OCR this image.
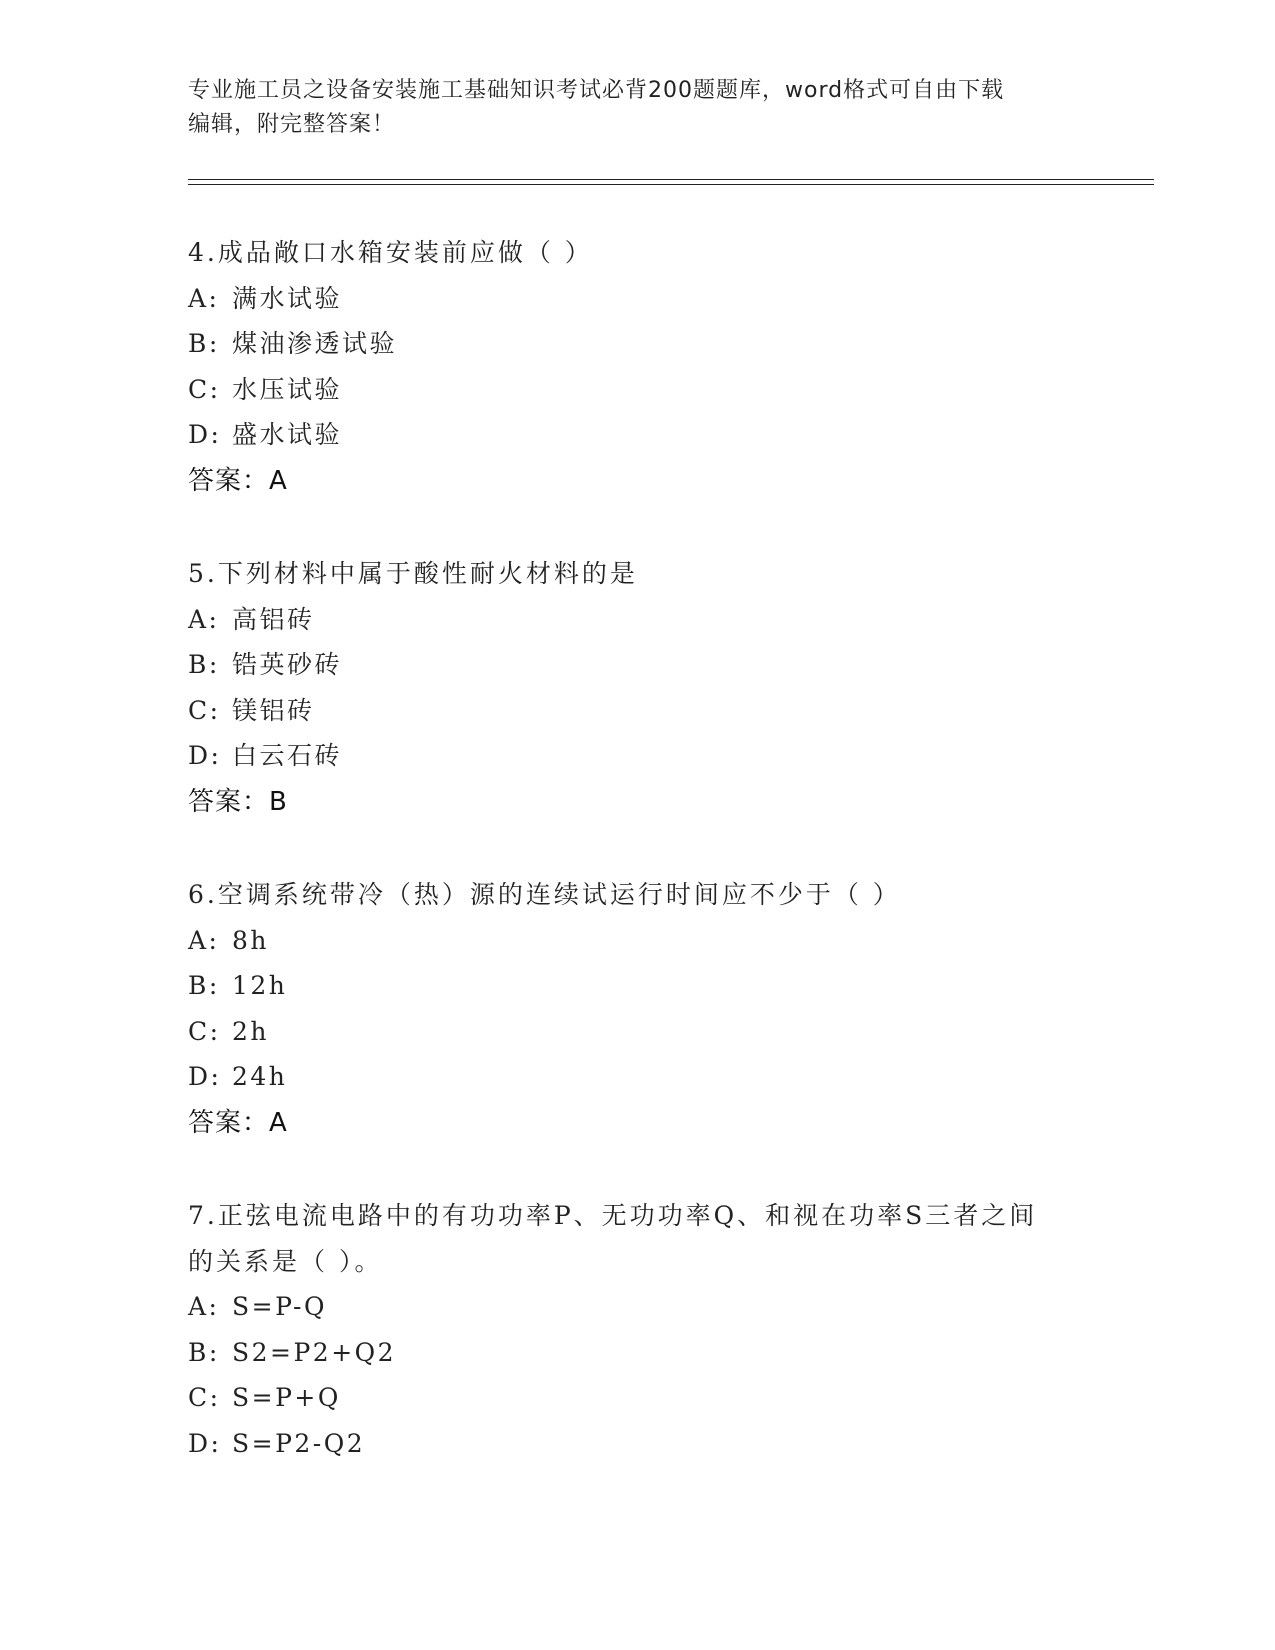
专业施工员之设备安装施工基础知识考试必背200题题库，word格式可自由下载
编辑，附完整答案！
4.成品敞口水箱安装前应做（ ）
A: 满水试验
B: 煤油渗透试验
C: 水压试验
D: 盛水试验
答案：A
5.下列材料中属于酸性耐火材料的是
A: 高铝砖
B: 锆英砂砖
C: 镁铝砖
D: 白云石砖
答案：B
6.空调系统带冷（热）源的连续试运行时间应不少于（ ）
A: 8h
B: 12h
C: 2h
D: 24h
答案：A
7.正弦电流电路中的有功功率P、无功功率Q、和视在功率S三者之间
的关系是（ ）。
A: S=P-Q
B: S2=P2+Q2
C: S=P+Q
D: S=P2-Q2
